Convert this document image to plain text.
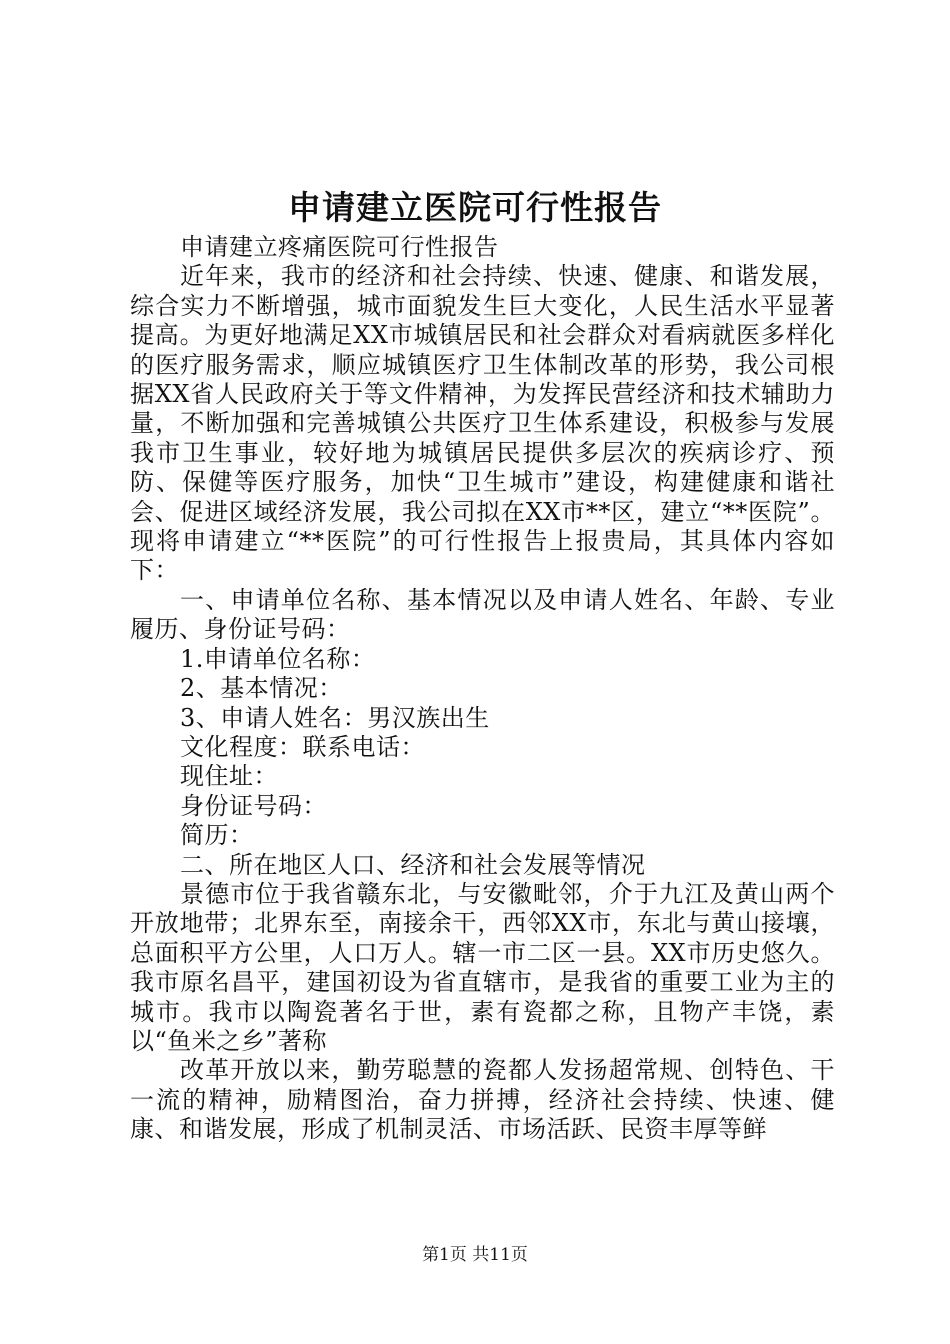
申请建立医院可行性报告

申请建立疼痛医院可行性报告

近年来，我市的经济和社会持续、快速、健康、和谐发展，综合实力不断增强，城市面貌发生巨大变化，人民生活水平显著提高。为更好地满足XX市城镇居民和社会群众对看病就医多样化的医疗服务需求，顺应城镇医疗卫生体制改革的形势，我公司根据XX省人民政府关于等文件精神，为发挥民营经济和技术辅助力量，不断加强和完善城镇公共医疗卫生体系建设，积极参与发展我市卫生事业，较好地为城镇居民提供多层次的疾病诊疗、预防、保健等医疗服务，加快“卫生城市”建设，构建健康和谐社会、促进区域经济发展，我公司拟在XX市**区，建立“**医院”。现将申请建立“**医院”的可行性报告上报贵局，其具体内容如下：

一、申请单位名称、基本情况以及申请人姓名、年龄、专业履历、身份证号码：

1.申请单位名称：

2、基本情况：

3、申请人姓名：男汉族出生

文化程度：联系电话：

现住址：

身份证号码：

简历：

二、所在地区人口、经济和社会发展等情况

景德市位于我省赣东北，与安徽毗邻，介于九江及黄山两个开放地带；北界东至，南接余干，西邻XX市，东北与黄山接壤，总面积平方公里，人口万人。辖一市二区一县。XX市历史悠久。我市原名昌平，建国初设为省直辖市，是我省的重要工业为主的城市。我市以陶瓷著名于世，素有瓷都之称，且物产丰饶，素以“鱼米之乡”著称

改革开放以来，勤劳聪慧的瓷都人发扬超常规、创特色、干一流的精神，励精图治，奋力拼搏，经济社会持续、快速、健康、和谐发展，形成了机制灵活、市场活跃、民资丰厚等鲜

第1页 共11页
